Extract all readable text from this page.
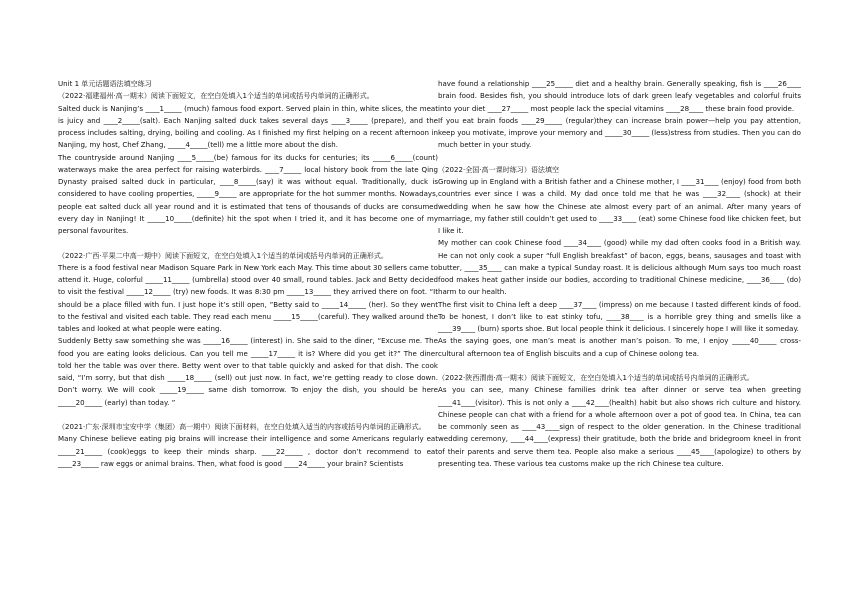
Unit 1 单元话题语法填空练习

（2022·福建福州·高一期末）阅读下面短文，在空白处填入1个适当的单词或括号内单词的正确形式。

Salted duck is Nanjing’s ____1_____ (much) famous food export. Served plain in thin, white slices, the meat is juicy and ____2_____(salt). Each Nanjing salted duck takes several days ____3_____ (prepare), and the process includes salting, drying, boiling and cooling. As I finished my first helping on a recent afternoon in Nanjing, my host, Chef Zhang, _____4_____(tell) me a little more about the dish.

The countryside around Nanjing ____5_____(be) famous for its ducks for centuries; its _____6_____(count) waterways make the area perfect for raising waterbirds. ____7_____ local history book from the late Qing Dynasty praised salted duck in particular, ____8_____(say) it was without equal. Traditionally, duck is considered to have cooling properties, _____9_____ are appropriate for the hot summer months. Nowadays, people eat salted duck all year round and it is estimated that tens of thousands of ducks are consumed every day in Nanjing! It _____10_____(definite) hit the spot when I tried it, and it has become one of my personal favourites.

（2022·广西·平果二中高一期中）阅读下面短文，在空白处填入1个适当的单词或括号内单词的正确形式。

There is a food festival near Madison Square Park in New York each May. This time about 30 sellers came to attend it. Huge, colorful _____11_____ (umbrella) stood over 40 small, round tables. Jack and Betty decided to visit the festival _____12_____ (try) new foods. It was 8:30 pm _____13_____ they arrived there on foot. “It should be a place filled with fun. I just hope it’s still open, ”Betty said to _____14_____ (her). So they went to the festival and visited each table. They read each menu _____15_____(careful). They walked around the tables and looked at what people were eating.

Suddenly Betty saw something she was _____16_____ (interest) in. She said to the diner, “Excuse me. The food you are eating looks delicious. Can you tell me _____17_____ it is? Where did you get it?” The diner told her the table was over there. Betty went over to that table quickly and asked for that dish. The cook said, “I’m sorry, but that dish _____18_____ (sell) out just now. In fact, we’re getting ready to close down. Don’t worry. We will cook _____19_____ same dish tomorrow. To enjoy the dish, you should be here _____20_____ (early) than today. ”

（2021·广东·深圳市宝安中学（集团）高一期中）阅读下面材料，在空白处填入适当的内容或括号内单词的正确形式。

Many Chinese believe eating pig brains will increase their intelligence and some Americans regularly eat _____21_____ (cook)eggs to keep their minds sharp. ____22_____ , doctor don’t recommend to eat ____23_____ raw eggs or animal brains. Then, what food is good ____24_____ your brain? Scientists

have found a relationship ____25_____ diet and a healthy brain. Generally speaking, fish is ____26____ brain food. Besides fish, you should introduce lots of dark green leafy vegetables and colorful fruits into your diet ____27_____ most people lack the special vitamins ____28____ these brain food provide.

If you eat brain foods ____29_____ (regular)they can increase brain power—help you pay attention, keep you motivate, improve your memory and _____30_____ (less)stress from studies. Then you can do much better in your study.

（2022·全国·高一课时练习）语法填空

Growing up in England with a British father and a Chinese mother, I ____31____ (enjoy) food from both countries ever since I was a child. My dad once told me that he was ____32____ (shock) at their wedding when he saw how the Chinese ate almost every part of an animal. After many years of marriage, my father still couldn’t get used to ____33____ (eat) some Chinese food like chicken feet, but I like it.

My mother can cook Chinese food ____34____ (good) while my dad often cooks food in a British way. He can not only cook a super “full English breakfast” of bacon, eggs, beans, sausages and toast with butter, ____35____ can make a typical Sunday roast. It is delicious although Mum says too much roast food makes heat gather inside our bodies, according to traditional Chinese medicine, ____36____ (do) harm to our health.

The first visit to China left a deep ____37____ (impress) on me because I tasted different kinds of food. To be honest, I don’t like to eat stinky tofu, ____38____ is a horrible grey thing and smells like a ____39____ (burn) sports shoe. But local people think it delicious. I sincerely hope I will like it someday.

As the saying goes, one man’s meat is another man’s poison. To me, I enjoy _____40_____ cross-cultural afternoon tea of English biscuits and a cup of Chinese oolong tea.

（2022·陕西渭南·高一期末）阅读下面短文，在空白处填入1个适当的单词或括号内单词的正确形式。

As you can see, many Chinese families drink tea after dinner or serve tea when greeting ____41____(visitor). This is not only a ____42____(health) habit but also shows rich culture and history. Chinese people can chat with a friend for a whole afternoon over a pot of good tea. In China, tea can be commonly seen as ____43____sign of respect to the older generation. In the Chinese traditional wedding ceremony, ____44____(express) their gratitude, both the bride and bridegroom kneel in front of their parents and serve them tea. People also make a serious ____45____(apologize) to others by presenting tea. These various tea customs make up the rich Chinese tea culture.
